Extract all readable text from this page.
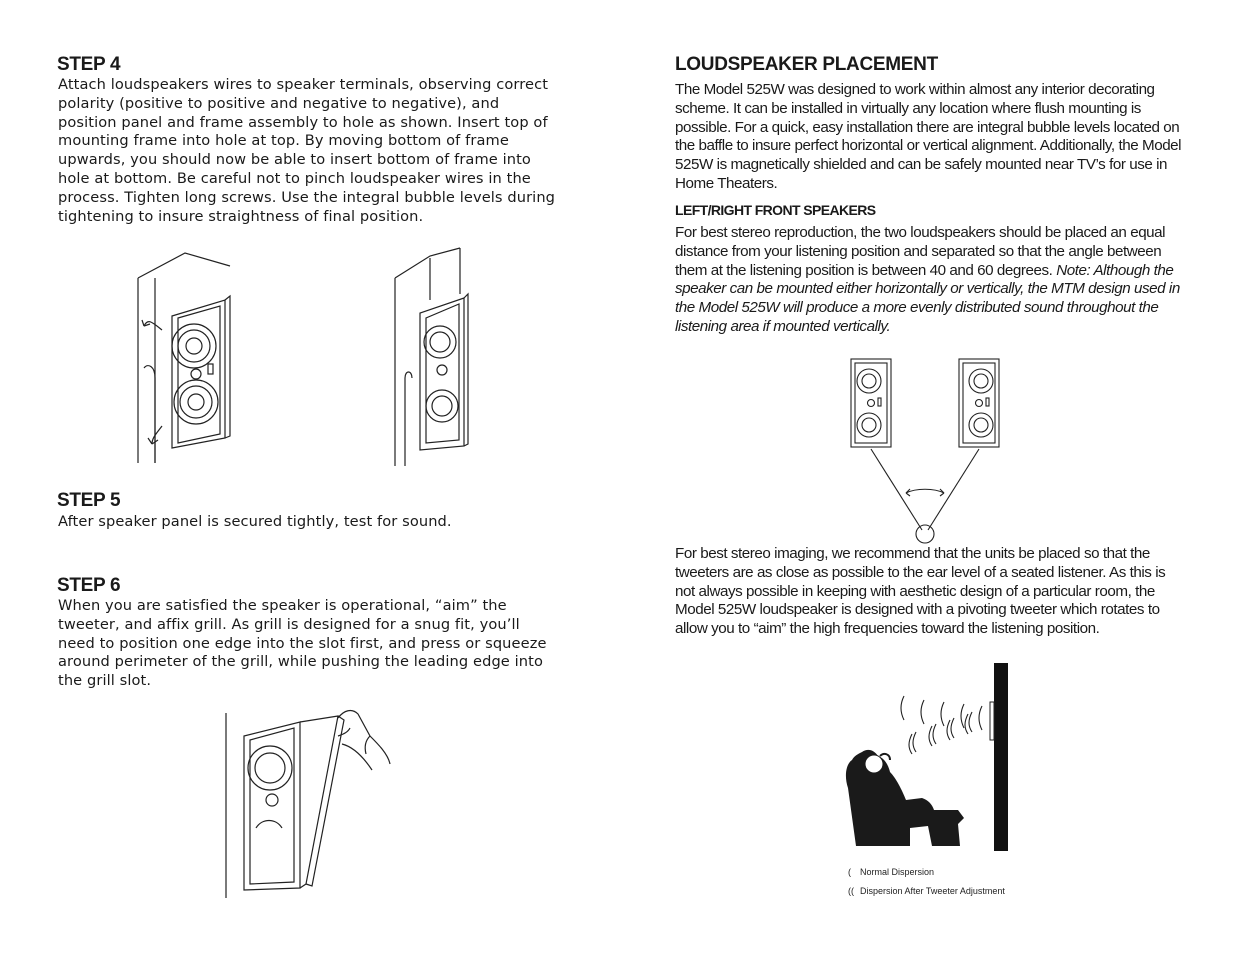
STEP 4

Attach loudspeakers wires to speaker terminals, observing correct polarity (positive to positive and negative to negative), and position panel and frame assembly to hole as shown. Insert top of mounting frame into hole at top. By moving bottom of frame upwards, you should now be able to insert bottom of frame into hole at bottom. Be careful not to pinch loudspeaker wires in the process. Tighten long screws. Use the integral bubble levels during tightening to insure straightness of final position.

STEP 5

After speaker panel is secured tightly, test for sound.

STEP 6

When you are satisfied the speaker is operational, “aim” the tweeter, and affix grill. As grill is designed for a snug fit, you’ll need to position one edge into the slot first, and press or squeeze around perimeter of the grill, while pushing the leading edge into the grill slot.

LOUDSPEAKER PLACEMENT

The Model 525W was designed to work within almost any interior decorating scheme. It can be installed in virtually any location where flush mounting is possible. For a quick, easy installation there are integral bubble levels located on the baffle to insure perfect horizontal or vertical alignment. Additionally, the Model 525W is magnetically shielded and can be safely mounted near TV’s for use in Home Theaters.

LEFT/RIGHT FRONT SPEAKERS

For best stereo reproduction, the two loudspeakers should be placed an equal distance from your listening position and separated so that the angle between them at the listening position is between 40 and 60 degrees. Note: Although the speaker can be mounted either horizontally or vertically, the MTM design used in the Model 525W will produce a more evenly distributed sound throughout the listening area if mounted vertically.

For best stereo imaging, we recommend that the units be placed so that the tweeters are as close as possible to the ear level of a seated listener. As this is not always possible in keeping with aesthetic design of a particular room, the Model 525W loudspeaker is designed with a pivoting tweeter which rotates to allow you to “aim” the high frequencies toward the listening position.

( Normal Dispersion
(( Dispersion After Tweeter Adjustment
